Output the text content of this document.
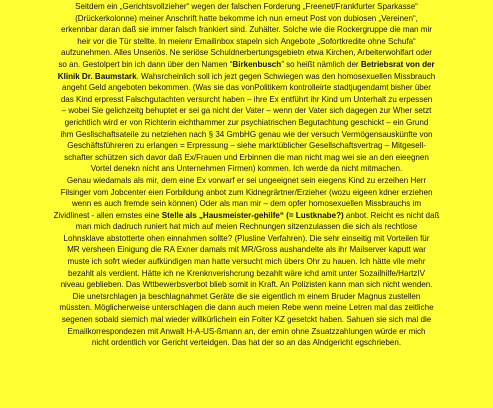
Seitdem ein „Gerichtsvollzieher“ wegen der falschen Forderung „Freenet/Frankfurter Sparkasse“
(Drückerkolonne) meiner Anschrift hatte bekomme ich nun erneut Post von dubiosen „Vereinen“,
erkennbar daran daß sie immer falsch frankiert sind. Zuhälter. Solche wie die Rockergruppe die man mir
heir vor die Tür stellte. In meienr Emailinbox stapeln sich Angebote „Sofortkredite ohne Schufa“
aufzunehmen. Alles Unseriös. Ne seriöse Schuldnerbertungsgebietn etwa Kirchen, Arbeiterwohlfart oder
so an. Gestolpert bin ich dann über den Namen “Birkenbusch” so heißt nämlich der Betriebsrat von der
Klinik Dr. Baumstark. Wahsrcheinlich soll ich jezt gegen Schwiegen was den homosexuellen Missbrauch
angeht Geld angeboten bekommen. (Was sie das vonPolitikern kontrolleirte stadtjugendamt bisher über
das Kind erpresst Falschgutachten versurcht haben – ihre Ex entführt ihr Kind um Unterhalt zu erpessen
– wobei Sie gelichzeitg behuptet er sei ga nicht der Vater – wenn der Vater sich dagegen zur Wher setzt
gerichtlich wird er von Richterin eichthammer zur psychiatrischen Begutachtung geschickt – ein Grund
ihm Gesllschaftsateile zu netziehen nach § 34 GmbHG genau wie der versuch Vermögensauskünfte von
Geschäftsführeren zu erlangen = Erpressung – siehe marktüblicher Gesellschaftsvertrag – Mitgesell-
schafter schützen sich davor daß Ex/Frauen und Erbinnen die man nicht mag wei sie an den eieegnen
Vortel denekn nicht ans Unternehmen Firmen) kommen. Ich werde da nicht mitmachen.
Genau wiedamals als mir, dem eine Ex vorwarf er sei ungeeignet sein eiegens Kind zu erzeihen Herr
Filsinger vom Jobcenter eien Forbildung anbot zum Kidnegrärtner/Erzieher (wozu eigeen kdner erziehen
wenn es auch fremde sein können) Oder als man mir – dem opfer homosexuellen Missbrauchs im
Zividlinest - allen ernstes eine Stelle als „Hausmeister-gehilfe“ (= Lustknabe?) anbot. Reicht es nicht daß
man mich dadruch runiert hat mich auf meien Rechnungen sitzenzulassen die sich als rechtlose
Lohnsklave abstotterte ohen einnahmen sollte? (Plusline Verfahren). Die sehr einseitig mit Vorteilen für
MR versheen Einigung die RA Exner damals mit MR/Gross aushandelte als ihr Mailserver kaputt war
muste ich sofrt wieder aufkündigen man hatte versucht mich übers Ohr zu hauen. Ich hätte vile mehr
bezahlt als verdient. Hätte ich ne Krenknverishcrung bezahlt wäre ichd amit unter Sozailhilfe/HartzIV
niveau geblieben. Das Wttbewerbsverbot blieb somit in Kraft. An Polizisten kann man sich nicht wenden.
Die unetsrchlagen ja beschlagnahmet Geräte die sie eigentlich m einem Bruder Magnus zustellen
müssten. Möglicherweise unterschlagen die dann auch meien Rebe wenn meine Letren mal das zeitliche
segenen sobald siemich mal wieder willkürlichein ein Folter KZ gesetckt haben. Sahuen sie sich mal die
Emailkorrespondezen mit Anwalt H-A-US-ßmann an, der emin ohne Zsuatzzahlungen würde er mich
nicht ordentlich vor Gericht verteidgen. Das hat der so an das Alndgericht egschrieben.
